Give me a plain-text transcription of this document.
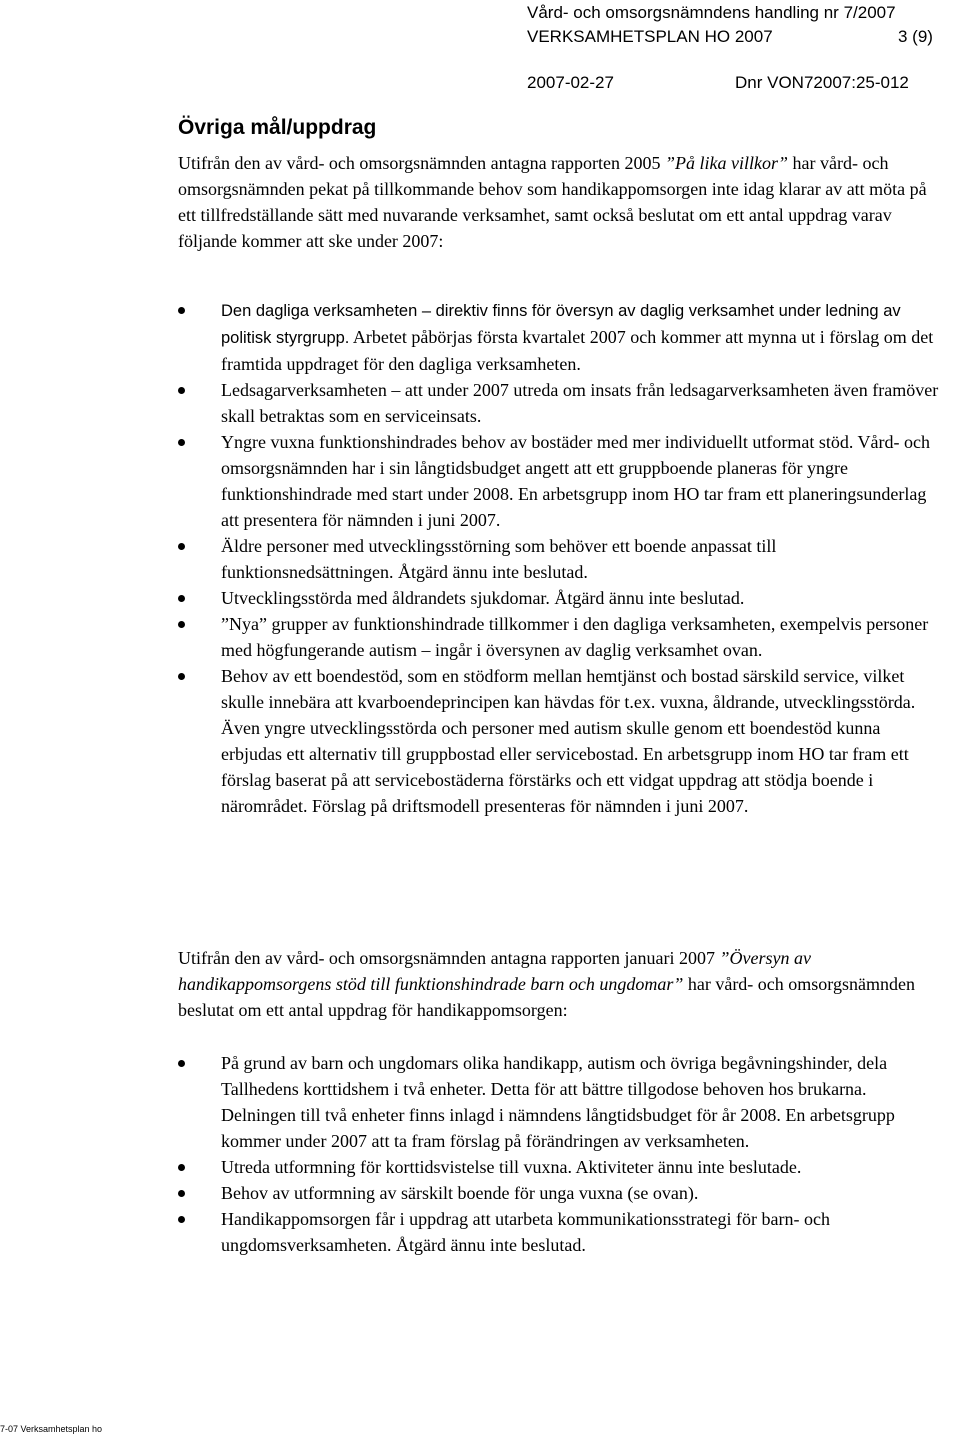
Vård- och omsorgsnämndens handling nr 7/2007
VERKSAMHETSPLAN HO 2007	3 (9)
2007-02-27	Dnr VON72007:25-012
Övriga mål/uppdrag

Utifrån den av vård- och omsorgsnämnden antagna rapporten 2005 ”På lika villkor” har vård- och omsorgsnämnden pekat på tillkommande behov som handikappomsorgen inte idag klarar av att möta på ett tillfredställande sätt med nuvarande verksamhet, samt också beslutat om ett antal uppdrag varav följande kommer att ske under 2007:

Den dagliga verksamheten – direktiv finns för översyn av daglig verksamhet under ledning av politisk styrgrupp. Arbetet påbörjas första kvartalet 2007 och kommer att mynna ut i förslag om det framtida uppdraget för den dagliga verksamheten.
Ledsagarverksamheten – att under 2007 utreda om insats från ledsagarverksamheten även framöver skall betraktas som en serviceinsats.
Yngre vuxna funktionshindrades behov av bostäder med mer individuellt utformat stöd. Vård- och omsorgsnämnden har i sin långtidsbudget angett att ett gruppboende planeras för yngre funktionshindrade med start under 2008. En arbetsgrupp inom HO tar fram ett planeringsunderlag att presentera för nämnden i juni 2007.
Äldre personer med utvecklingsstörning som behöver ett boende anpassat till funktionsnedsättningen. Åtgärd ännu inte beslutad.
Utvecklingsstörda med åldrandets sjukdomar. Åtgärd ännu inte beslutad.
”Nya” grupper av funktionshindrade tillkommer i den dagliga verksamheten, exempelvis personer med högfungerande autism – ingår i översynen av daglig verksamhet ovan.
Behov av ett boendestöd, som en stödform mellan hemtjänst och bostad särskild service, vilket skulle innebära att kvarboendeprincipen kan hävdas för t.ex. vuxna, åldrande, utvecklingsstörda. Även yngre utvecklingsstörda och personer med autism skulle genom ett boendestöd kunna erbjudas ett alternativ till gruppbostad eller servicebostad. En arbetsgrupp inom HO tar fram ett förslag baserat på att servicebostäderna förstärks och ett vidgat uppdrag att stödja boende i närområdet. Förslag på driftsmodell presenteras för nämnden i juni 2007.

Utifrån den av vård- och omsorgsnämnden antagna rapporten januari 2007 ”Översyn av handikappomsorgens stöd till funktionshindrade barn och ungdomar” har vård- och omsorgsnämnden beslutat om ett antal uppdrag för handikappomsorgen:

På grund av barn och ungdomars olika handikapp, autism och övriga begåvningshinder, dela Tallhedens korttidshem i två enheter. Detta för att bättre tillgodose behoven hos brukarna. Delningen till två enheter finns inlagd i nämndens långtidsbudget för år 2008. En arbetsgrupp kommer under 2007 att ta fram förslag på förändringen av verksamheten.
Utreda utformning för korttidsvistelse till vuxna. Aktiviteter ännu inte beslutade.
Behov av utformning av särskilt boende för unga vuxna (se ovan).
Handikappomsorgen får i uppdrag att utarbeta kommunikationsstrategi för barn- och ungdomsverksamheten. Åtgärd ännu inte beslutad.
7-07 Verksamhetsplan ho
